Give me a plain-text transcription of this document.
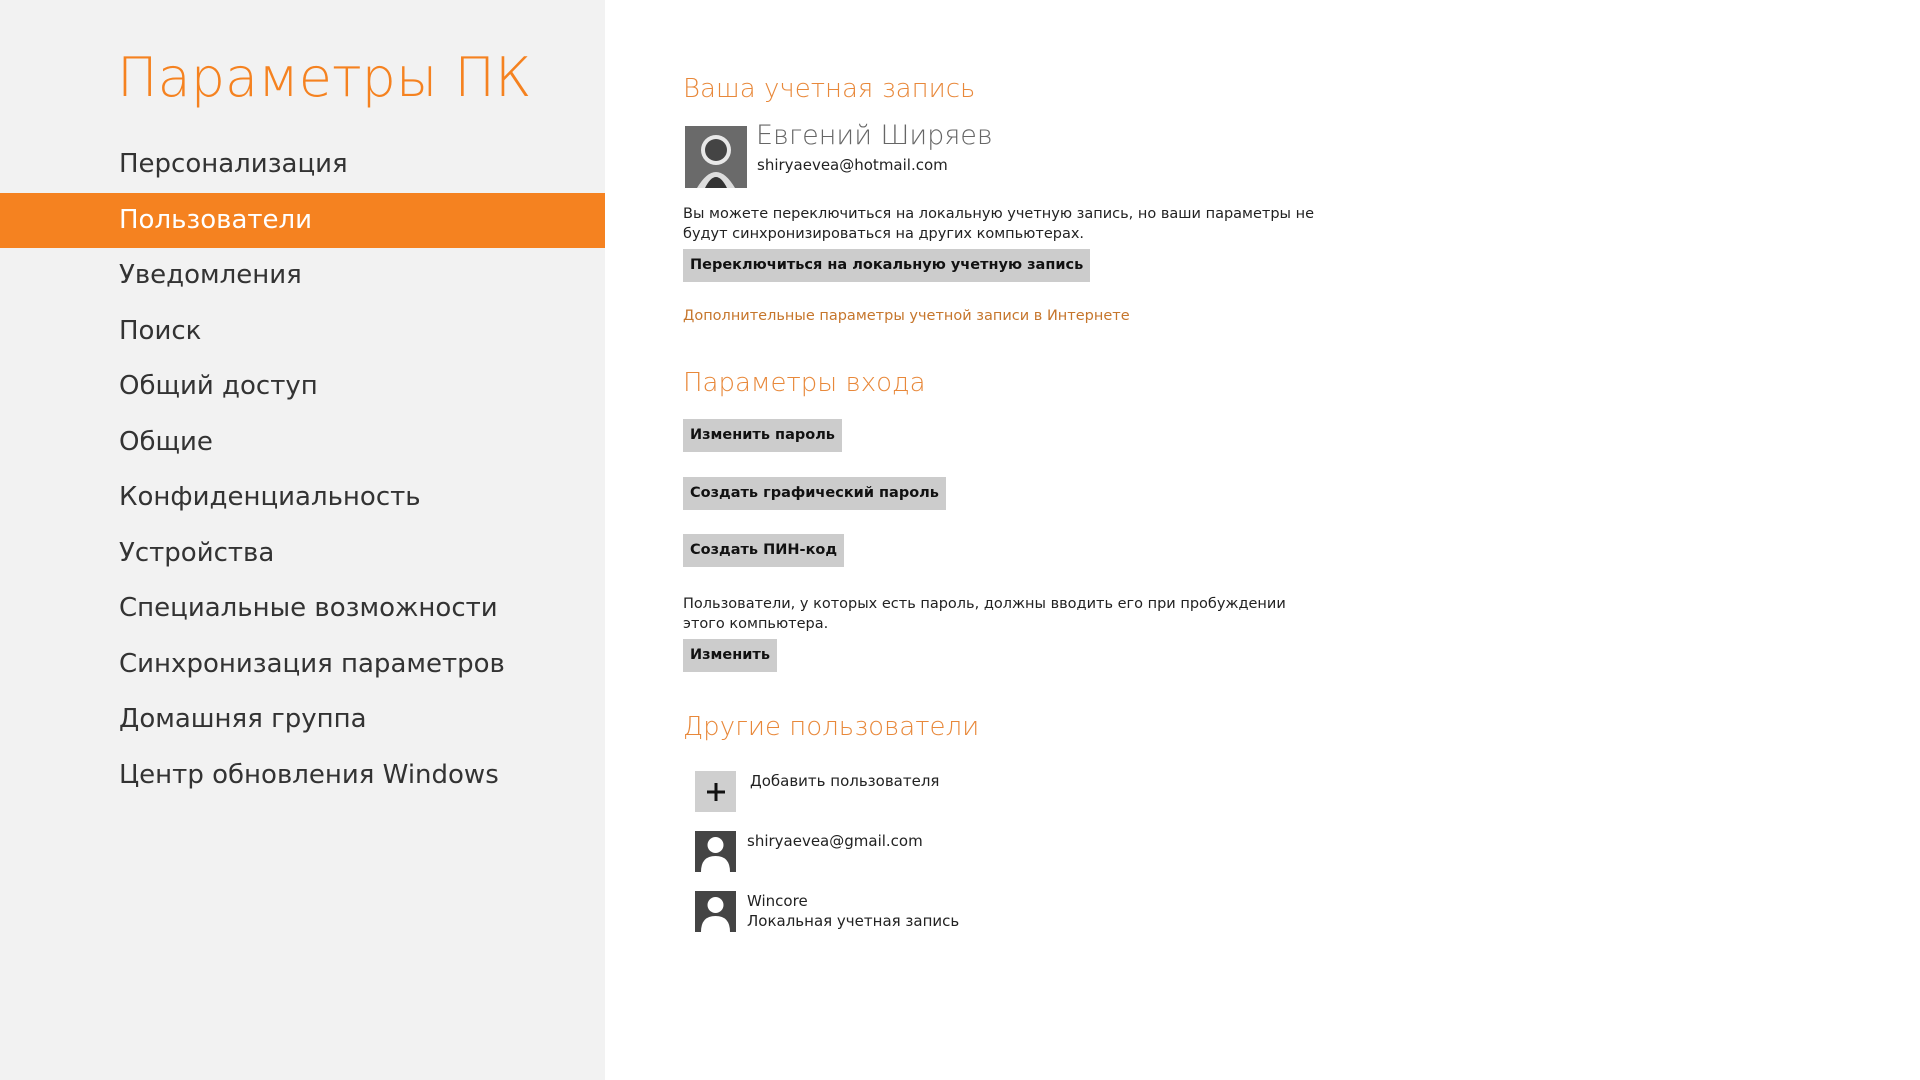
Параметры ПК
Персонализация
Пользователи
Уведомления
Поиск
Общий доступ
Общие
Конфиденциальность
Устройства
Специальные возможности
Синхронизация параметров
Домашняя группа
Центр обновления Windows
Ваша учетная запись
Евгений Ширяев
shiryaevea@hotmail.com
Вы можете переключиться на локальную учетную запись, но ваши параметры не будут синхронизироваться на других компьютерах.
Переключиться на локальную учетную запись
Дополнительные параметры учетной записи в Интернете
Параметры входа
Изменить пароль
Создать графический пароль
Создать ПИН-код
Пользователи, у которых есть пароль, должны вводить его при пробуждении этого компьютера.
Изменить
Другие пользователи
Добавить пользователя
shiryaevea@gmail.com
Wincore
Локальная учетная запись
